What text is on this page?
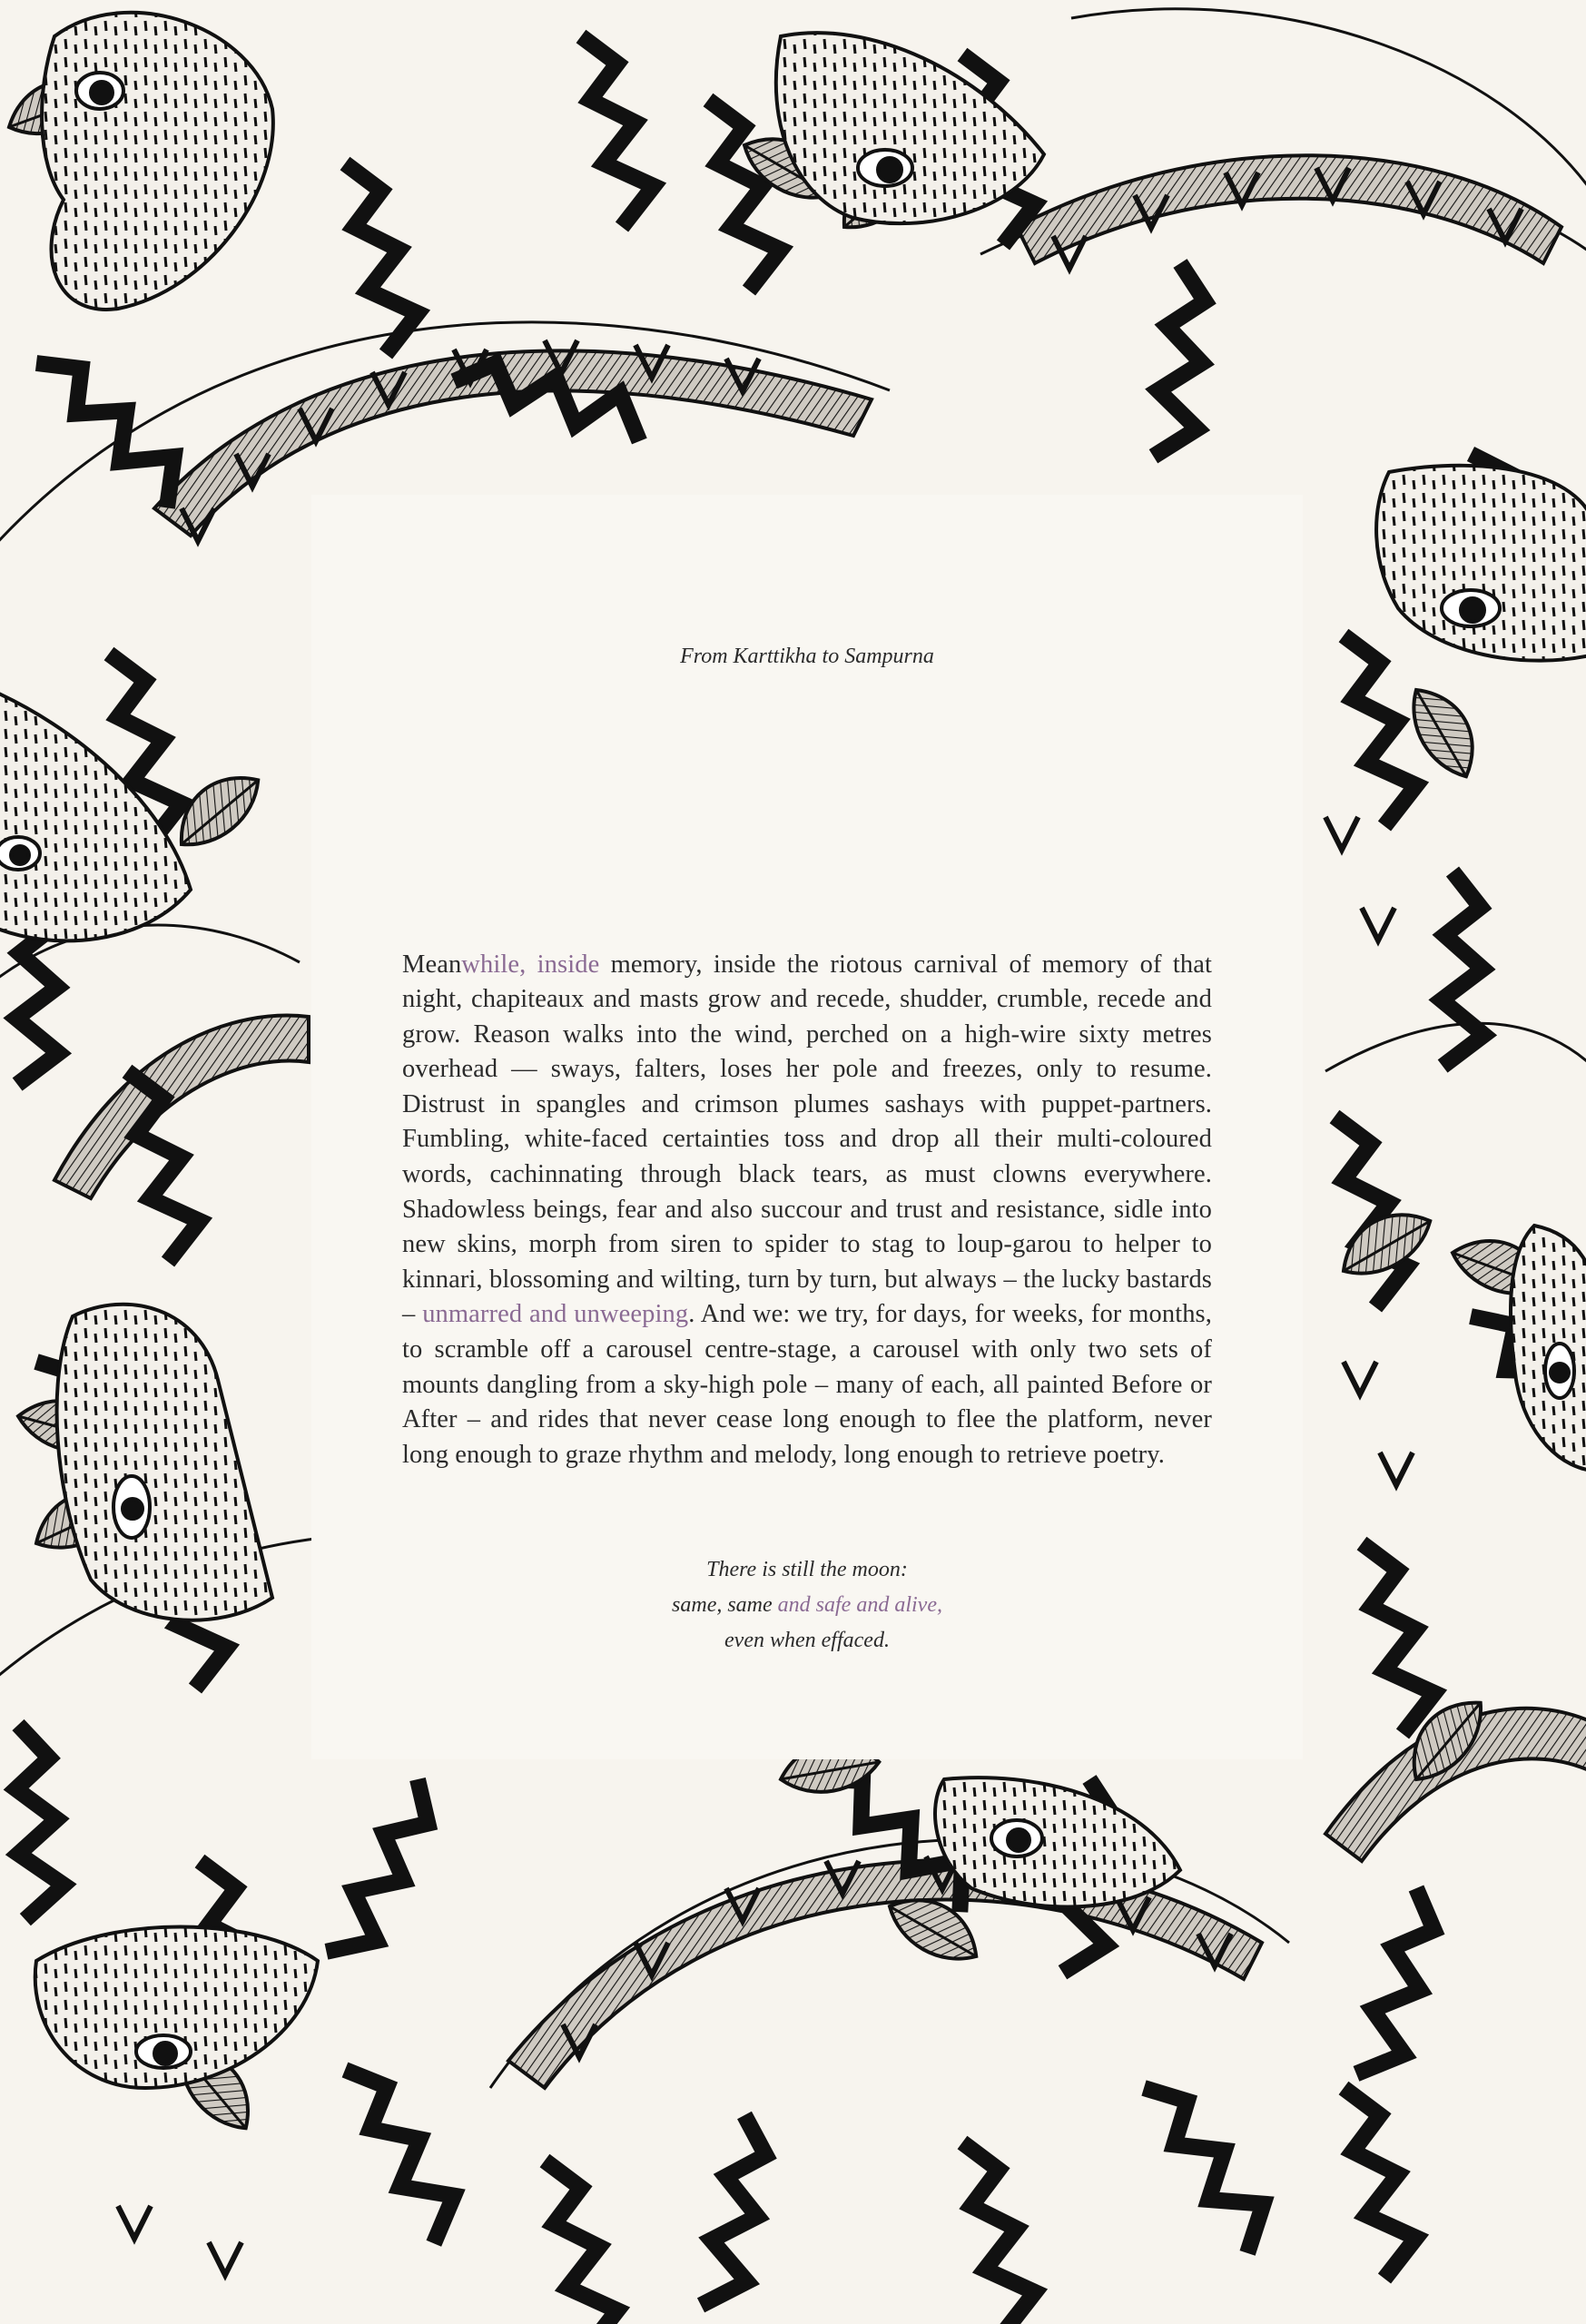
From Karttikha to Sampurna

Meanwhile, inside memory, inside the riotous carnival of memory of that night, chapiteaux and masts grow and recede, shudder, crumble, recede and grow. Reason walks into the wind, perched on a high-wire sixty metres overhead — sways, falters, loses her pole and freezes, only to resume. Distrust in spangles and crimson plumes sashays with puppet-partners. Fumbling, white-faced certainties toss and drop all their multi-coloured words, cachinnating through black tears, as must clowns everywhere. Shadowless beings, fear and also succour and trust and resistance, sidle into new skins, morph from siren to spider to stag to loup-garou to helper to kinnari, blossoming and wilting, turn by turn, but always – the lucky bastards – unmarred and unweeping. And we: we try, for days, for weeks, for months, to scramble off a carousel centre-stage, a carousel with only two sets of mounts dangling from a sky-high pole – many of each, all painted Before or After – and rides that never cease long enough to flee the platform, never long enough to graze rhythm and melody, long enough to retrieve poetry.

There is still the moon:
same, same and safe and alive,
even when effaced.
